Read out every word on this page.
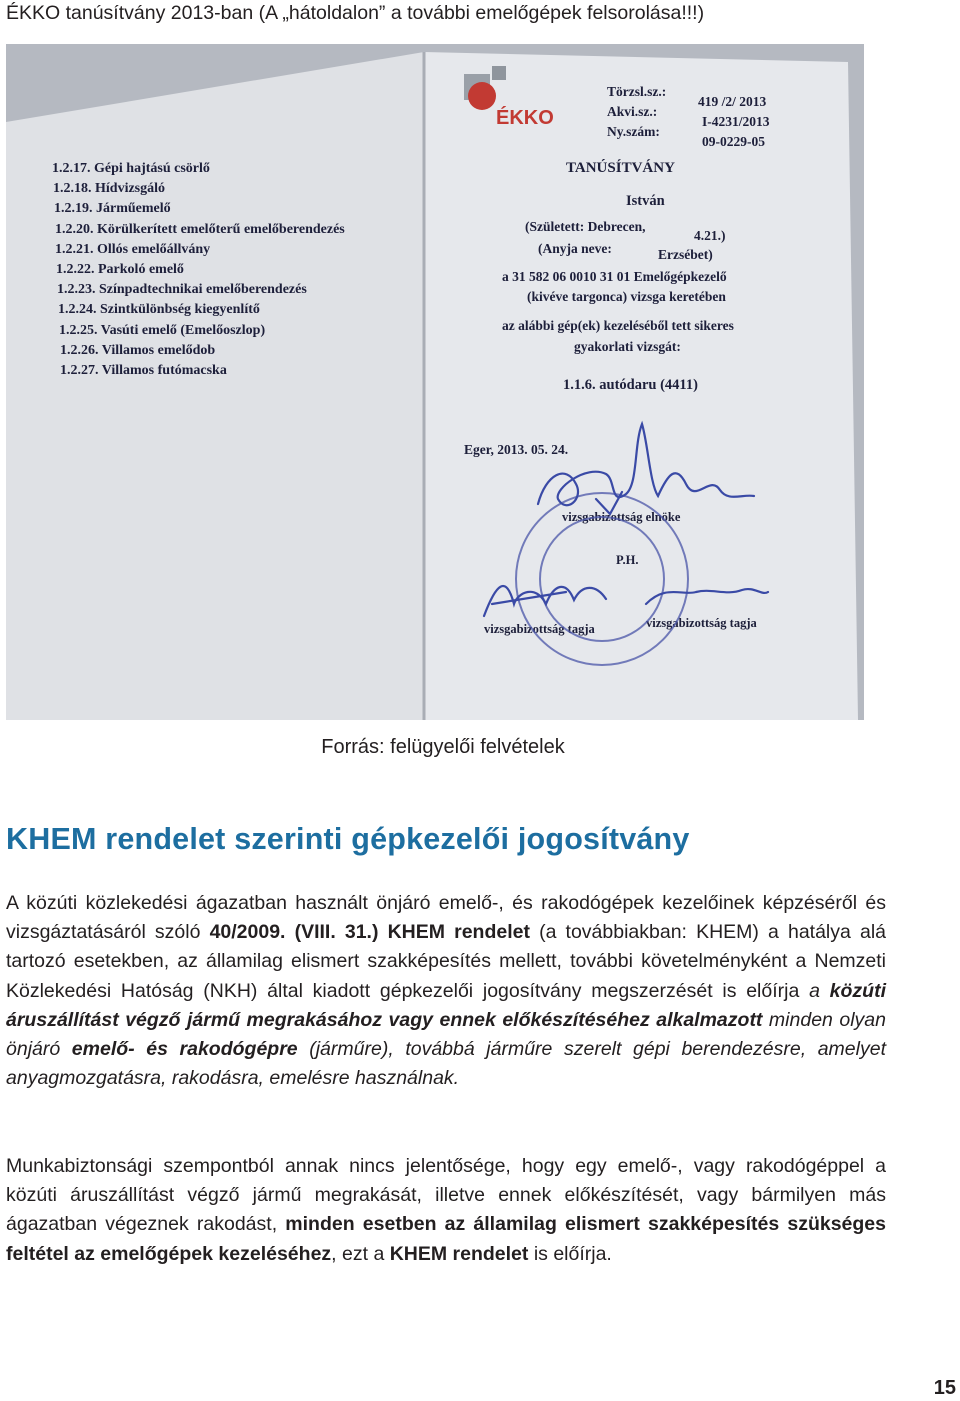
ÉKKO tanúsítvány 2013-ban (A „hátoldalon” a további emelőgépek felsorolása!!!)
1.2.17. Gépi hajtású csörlő
1.2.18. Hídvizsgáló
1.2.19. Járműemelő
1.2.20. Körülkerített emelőterű emelőberendezés
1.2.21. Ollós emelőállvány
1.2.22. Parkoló emelő
1.2.23. Színpadtechnikai emelőberendezés
1.2.24. Szintkülönbség kiegyenlítő
1.2.25. Vasúti emelő (Emelőoszlop)
1.2.26. Villamos emelődob
1.2.27. Villamos futómacska
ÉKKO
Törzsl.sz.:
419 /2/ 2013
Akvi.sz.:
I-4231/2013
Ny.szám:
09-0229-05
TANÚSÍTVÁNY
István
(Született: Debrecen,
4.21.)
(Anyja neve:	Erzsébet)
a 31 582 06 0010 31 01 Emelőgépkezelő
(kivéve targonca) vizsga keretében
az alábbi gép(ek) kezeléséből tett sikeres
gyakorlati vizsgát:
1.1.6. autódaru (4411)
Eger, 2013. 05. 24.
vizsgabizottság elnöke
P.H.
vizsgabizottság tagja	vizsgabizottság tagja
Forrás: felügyelői felvételek
KHEM rendelet szerinti gépkezelői jogosítvány
A közúti közlekedési ágazatban használt önjáró emelő-, és rakodógépek kezelőinek képzéséről és vizsgáztatásáról szóló 40/2009. (VIII. 31.) KHEM rendelet (a továbbiakban: KHEM) a hatálya alá tartozó esetekben, az államilag elismert szakképesítés mellett, további követelményként a Nemzeti Közlekedési Hatóság (NKH) által kiadott gépkezelői jogosítvány megszerzését is előírja a közúti áruszállítást végző jármű megrakásához vagy ennek előkészítéséhez alkalmazott minden olyan önjáró emelő- és rakodógépre (járműre), továbbá járműre szerelt gépi berendezésre, amelyet anyagmozgatásra, rakodásra, emelésre használnak.
Munkabiztonsági szempontból annak nincs jelentősége, hogy egy emelő-, vagy rakodógéppel a közúti áruszállítást végző jármű megrakását, illetve ennek előkészítését, vagy bármilyen más ágazatban végeznek rakodást, minden esetben az államilag elismert szakképesítés szükséges feltétel az emelőgépek kezeléséhez, ezt a KHEM rendelet is előírja.
15
